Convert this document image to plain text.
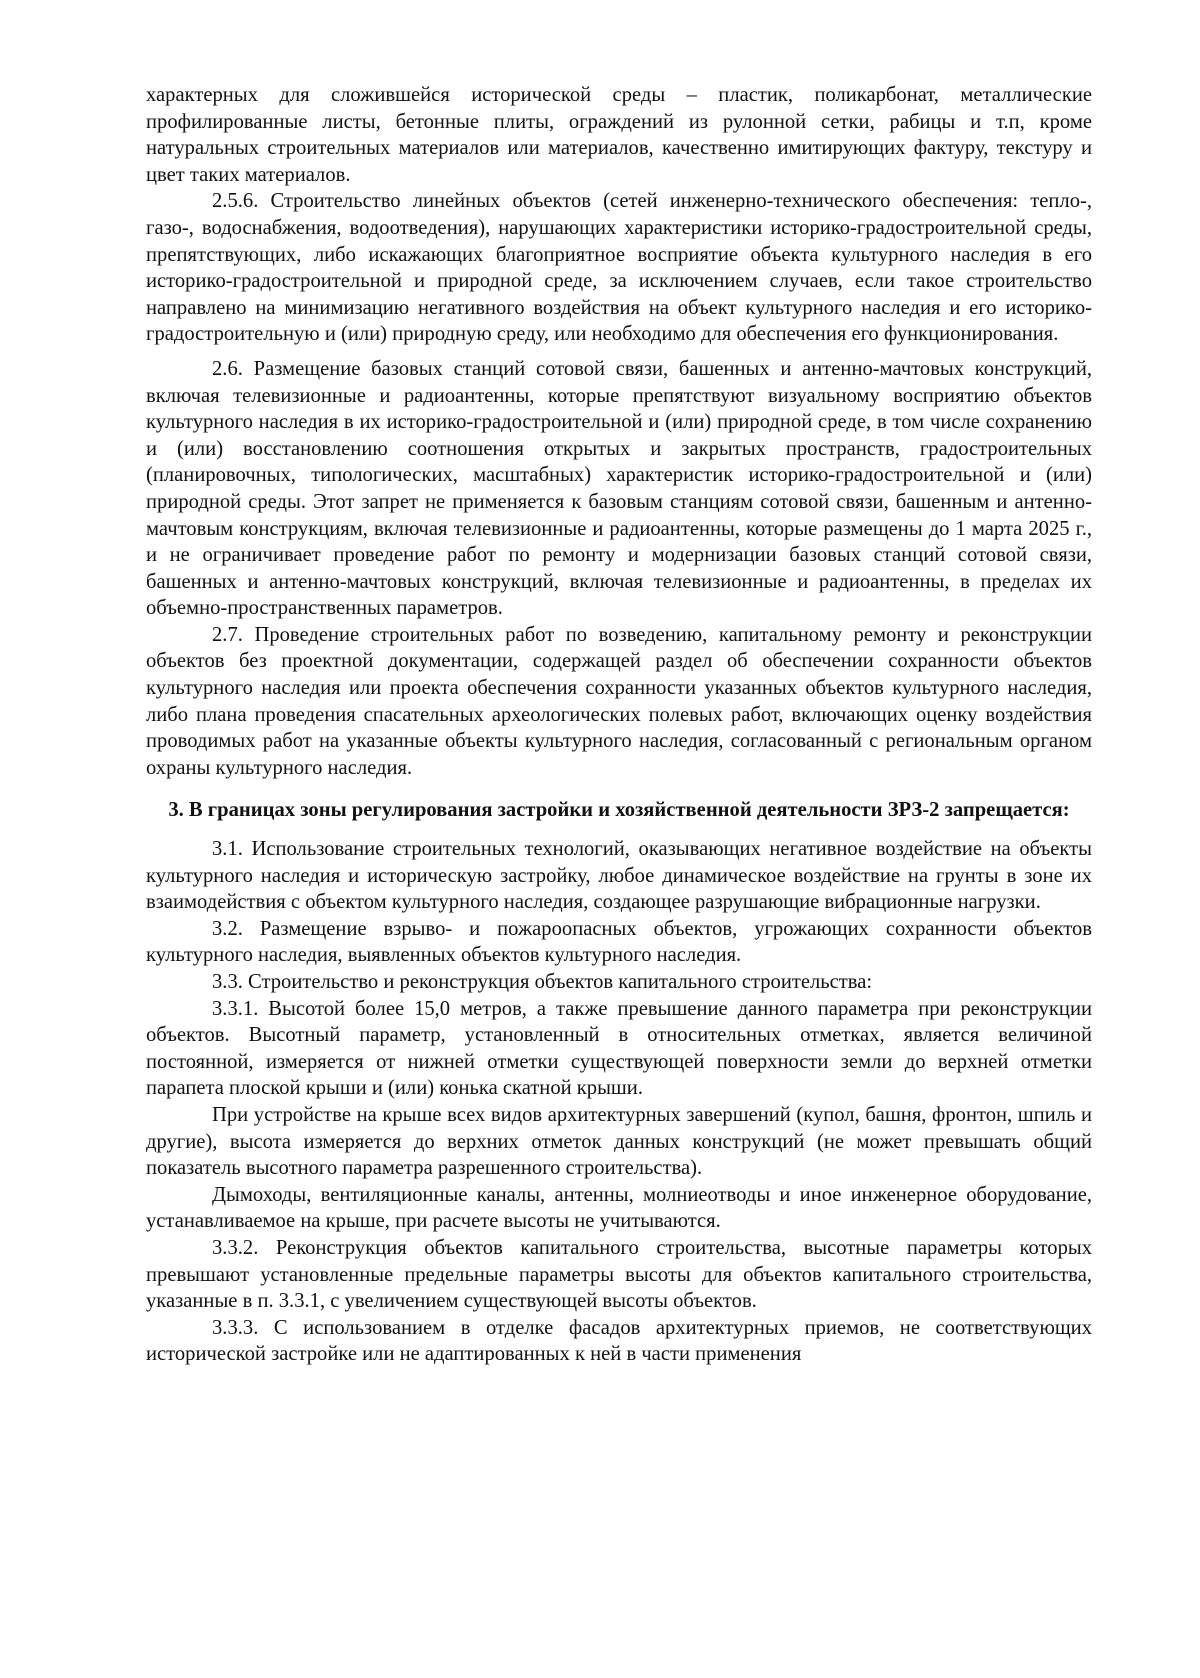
характерных для сложившейся исторической среды – пластик, поликарбонат, металлические профилированные листы, бетонные плиты, ограждений из рулонной сетки, рабицы и т.п, кроме натуральных строительных материалов или материалов, качественно имитирующих фактуру, текстуру и цвет таких материалов.

2.5.6. Строительство линейных объектов (сетей инженерно-технического обеспечения: тепло-, газо-, водоснабжения, водоотведения), нарушающих характеристики историко-градостроительной среды, препятствующих, либо искажающих благоприятное восприятие объекта культурного наследия в его историко-градостроительной и природной среде, за исключением случаев, если такое строительство направлено на минимизацию негативного воздействия на объект культурного наследия и его историко-градостроительную и (или) природную среду, или необходимо для обеспечения его функционирования.

2.6. Размещение базовых станций сотовой связи, башенных и антенно-мачтовых конструкций, включая телевизионные и радиоантенны, которые препятствуют визуальному восприятию объектов культурного наследия в их историко-градостроительной и (или) природной среде, в том числе сохранению и (или) восстановлению соотношения открытых и закрытых пространств, градостроительных (планировочных, типологических, масштабных) характеристик историко-градостроительной и (или) природной среды. Этот запрет не применяется к базовым станциям сотовой связи, башенным и антенно-мачтовым конструкциям, включая телевизионные и радиоантенны, которые размещены до 1 марта 2025 г., и не ограничивает проведение работ по ремонту и модернизации базовых станций сотовой связи, башенных и антенно-мачтовых конструкций, включая телевизионные и радиоантенны, в пределах их объемно-пространственных параметров.

2.7. Проведение строительных работ по возведению, капитальному ремонту и реконструкции объектов без проектной документации, содержащей раздел об обеспечении сохранности объектов культурного наследия или проекта обеспечения сохранности указанных объектов культурного наследия, либо плана проведения спасательных археологических полевых работ, включающих оценку воздействия проводимых работ на указанные объекты культурного наследия, согласованный с региональным органом охраны культурного наследия.

3. В границах зоны регулирования застройки и хозяйственной деятельности ЗРЗ-2 запрещается:

3.1. Использование строительных технологий, оказывающих негативное воздействие на объекты культурного наследия и историческую застройку, любое динамическое воздействие на грунты в зоне их взаимодействия с объектом культурного наследия, создающее разрушающие вибрационные нагрузки.

3.2. Размещение взрыво- и пожароопасных объектов, угрожающих сохранности объектов культурного наследия, выявленных объектов культурного наследия.

3.3. Строительство и реконструкция объектов капитального строительства:

3.3.1. Высотой более 15,0 метров, а также превышение данного параметра при реконструкции объектов. Высотный параметр, установленный в относительных отметках, является величиной постоянной, измеряется от нижней отметки существующей поверхности земли до верхней отметки парапета плоской крыши и (или) конька скатной крыши.

При устройстве на крыше всех видов архитектурных завершений (купол, башня, фронтон, шпиль и другие), высота измеряется до верхних отметок данных конструкций (не может превышать общий показатель высотного параметра разрешенного строительства).

Дымоходы, вентиляционные каналы, антенны, молниеотводы и иное инженерное оборудование, устанавливаемое на крыше, при расчете высоты не учитываются.

3.3.2. Реконструкция объектов капитального строительства, высотные параметры которых превышают установленные предельные параметры высоты для объектов капитального строительства, указанные в п. 3.3.1, с увеличением существующей высоты объектов.

3.3.3. С использованием в отделке фасадов архитектурных приемов, не соответствующих исторической застройке или не адаптированных к ней в части применения
